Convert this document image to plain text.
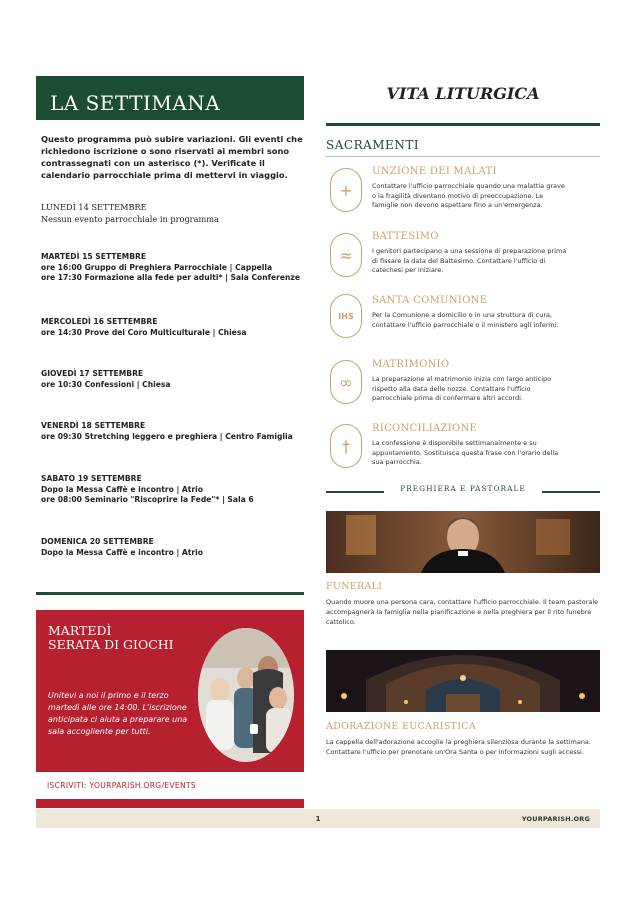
LA SETTIMANA
Questo programma può subire variazioni. Gli eventi che richiedono iscrizione o sono riservati ai membri sono contrassegnati con un asterisco (*). Verificate il calendario parrocchiale prima di mettervi in viaggio.
LUNEDÌ 14 SETTEMBRE
Nessun evento parrocchiale in programma
MARTEDÌ 15 SETTEMBRE
ore 16:00 Gruppo di Preghiera Parrocchiale | Cappella
ore 17:30 Formazione alla fede per adulti* | Sala Conferenze
MERCOLEDÌ 16 SETTEMBRE
ore 14:30 Prove del Coro Multiculturale | Chiesa
GIOVEDÌ 17 SETTEMBRE
ore 10:30 Confessioni | Chiesa
VENERDÌ 18 SETTEMBRE
ore 09:30 Stretching leggero e preghiera | Centro Famiglia
SABATO 19 SETTEMBRE
Dopo la Messa Caffè e incontro | Atrio
ore 08:00 Seminario "Riscoprire la Fede"* | Sala 6
DOMENICA 20 SETTEMBRE
Dopo la Messa Caffè e incontro | Atrio
MARTEDÌ
SERATA DI GIOCHI
Unitevi a noi il primo e il terzo martedì alle ore 14:00. L'iscrizione anticipata ci aiuta a preparare una sala accogliente per tutti.
ISCRIVITI: YOURPARISH.ORG/EVENTS
VITA LITURGICA
SACRAMENTI
+
UNZIONE DEI MALATI
Contattare l'ufficio parrocchiale quando una malattia grave o la fragilità diventano motivo di preoccupazione. Le famiglie non devono aspettare fino a un'emergenza.
≈
BATTESIMO
I genitori partecipano a una sessione di preparazione prima di fissare la data del Battesimo. Contattare l'ufficio di catechesi per iniziare.
IHS
SANTA COMUNIONE
Per la Comunione a domicilio o in una struttura di cura, contattare l'ufficio parrocchiale o il ministero agli infermi.
∞
MATRIMONIO
La preparazione al matrimonio inizia con largo anticipo rispetto alla data delle nozze. Contattare l'ufficio parrocchiale prima di confermare altri accordi.
†
RICONCILIAZIONE
La confessione è disponibile settimanalmente e su appuntamento. Sostituisca questa frase con l'orario della sua parrocchia.
PREGHIERA E PASTORALE
FUNERALI
Quando muore una persona cara, contattare l'ufficio parrocchiale. Il team pastorale accompagnerà la famiglia nella pianificazione e nella preghiera per il rito funebre cattolico.
ADORAZIONE EUCARISTICA
La cappella dell'adorazione accoglie la preghiera silenziosa durante la settimana. Contattare l'ufficio per prenotare un'Ora Santa o per informazioni sugli accessi.
1	YOURPARISH.ORG
